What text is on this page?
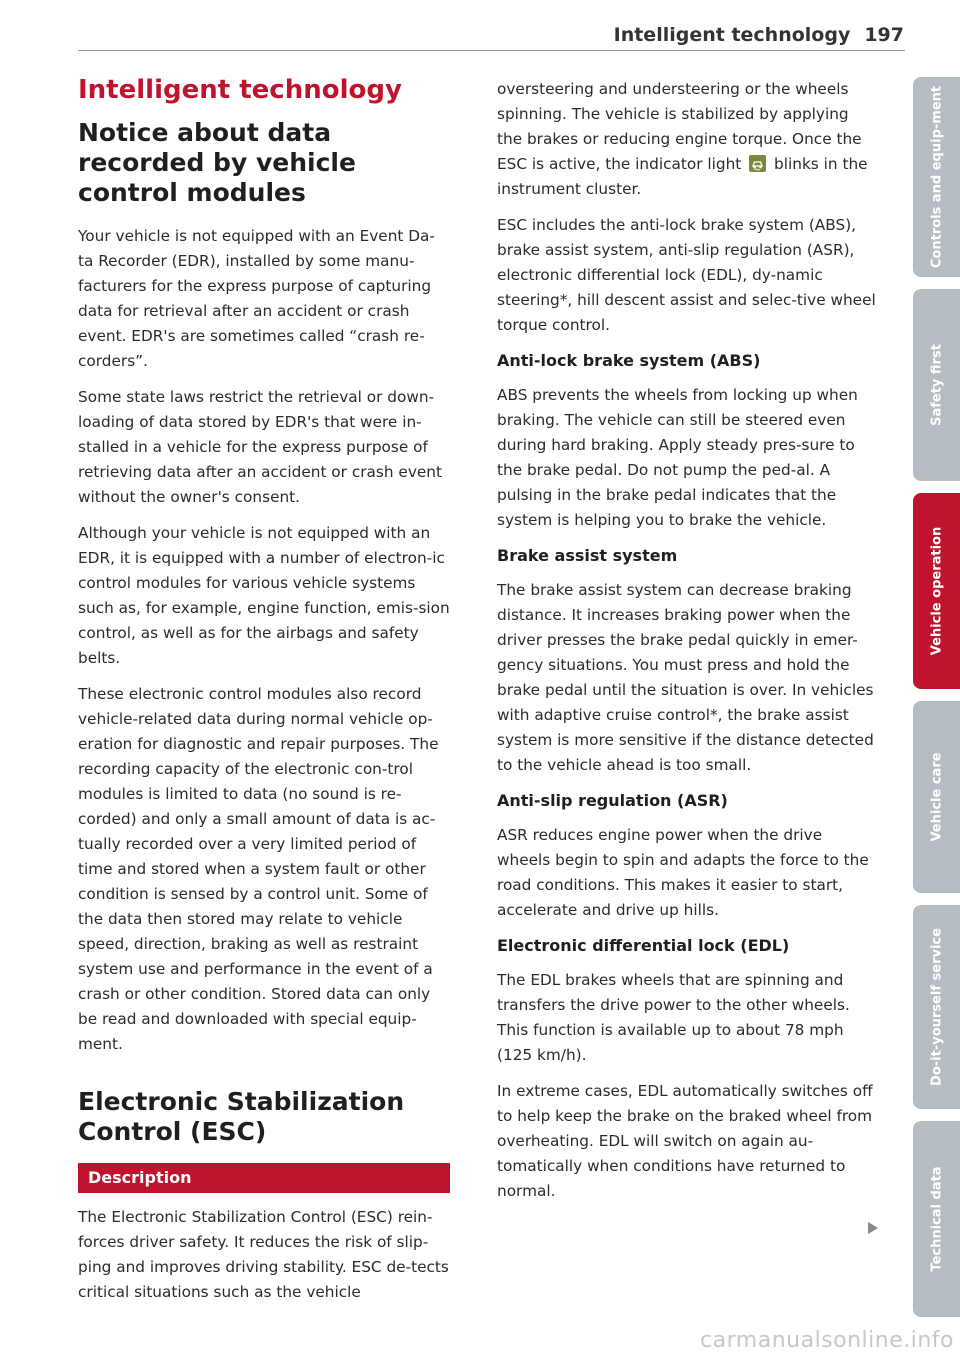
Intelligent technology 197
Intelligent technology
Notice about data recorded by vehicle control modules

Your vehicle is not equipped with an Event Da-ta Recorder (EDR), installed by some manu-facturers for the express purpose of capturing data for retrieval after an accident or crash event. EDR's are sometimes called “crash re-corders”.

Some state laws restrict the retrieval or down-loading of data stored by EDR's that were in-stalled in a vehicle for the express purpose of retrieving data after an accident or crash event without the owner's consent.

Although your vehicle is not equipped with an EDR, it is equipped with a number of electron-ic control modules for various vehicle systems such as, for example, engine function, emis-sion control, as well as for the airbags and safety belts.

These electronic control modules also record vehicle-related data during normal vehicle op-eration for diagnostic and repair purposes. The recording capacity of the electronic con-trol modules is limited to data (no sound is re-corded) and only a small amount of data is ac-tually recorded over a very limited period of time and stored when a system fault or other condition is sensed by a control unit. Some of the data then stored may relate to vehicle speed, direction, braking as well as restraint system use and performance in the event of a crash or other condition. Stored data can only be read and downloaded with special equip-ment.

Electronic Stabilization Control (ESC)
Description

The Electronic Stabilization Control (ESC) rein-forces driver safety. It reduces the risk of slip-ping and improves driving stability. ESC de-tects critical situations such as the vehicle

oversteering and understeering or the wheels spinning. The vehicle is stabilized by applying the brakes or reducing engine torque. Once the ESC is active, the indicator light blinks in the instrument cluster.

ESC includes the anti-lock brake system (ABS), brake assist system, anti-slip regulation (ASR), electronic differential lock (EDL), dy-namic steering*, hill descent assist and selec-tive wheel torque control.

Anti-lock brake system (ABS)

ABS prevents the wheels from locking up when braking. The vehicle can still be steered even during hard braking. Apply steady pres-sure to the brake pedal. Do not pump the ped-al. A pulsing in the brake pedal indicates that the system is helping you to brake the vehicle.

Brake assist system

The brake assist system can decrease braking distance. It increases braking power when the driver presses the brake pedal quickly in emer-gency situations. You must press and hold the brake pedal until the situation is over. In vehicles with adaptive cruise control*, the brake assist system is more sensitive if the distance detected to the vehicle ahead is too small.

Anti-slip regulation (ASR)

ASR reduces engine power when the drive wheels begin to spin and adapts the force to the road conditions. This makes it easier to start, accelerate and drive up hills.

Electronic differential lock (EDL)

The EDL brakes wheels that are spinning and transfers the drive power to the other wheels. This function is available up to about 78 mph (125 km/h).

In extreme cases, EDL automatically switches off to help keep the brake on the braked wheel from overheating. EDL will switch on again au-tomatically when conditions have returned to normal.

Controls and equip-ment
Safety first
Vehicle operation
Vehicle care
Do-it-yourself service
Technical data
carmanualsonline.info
